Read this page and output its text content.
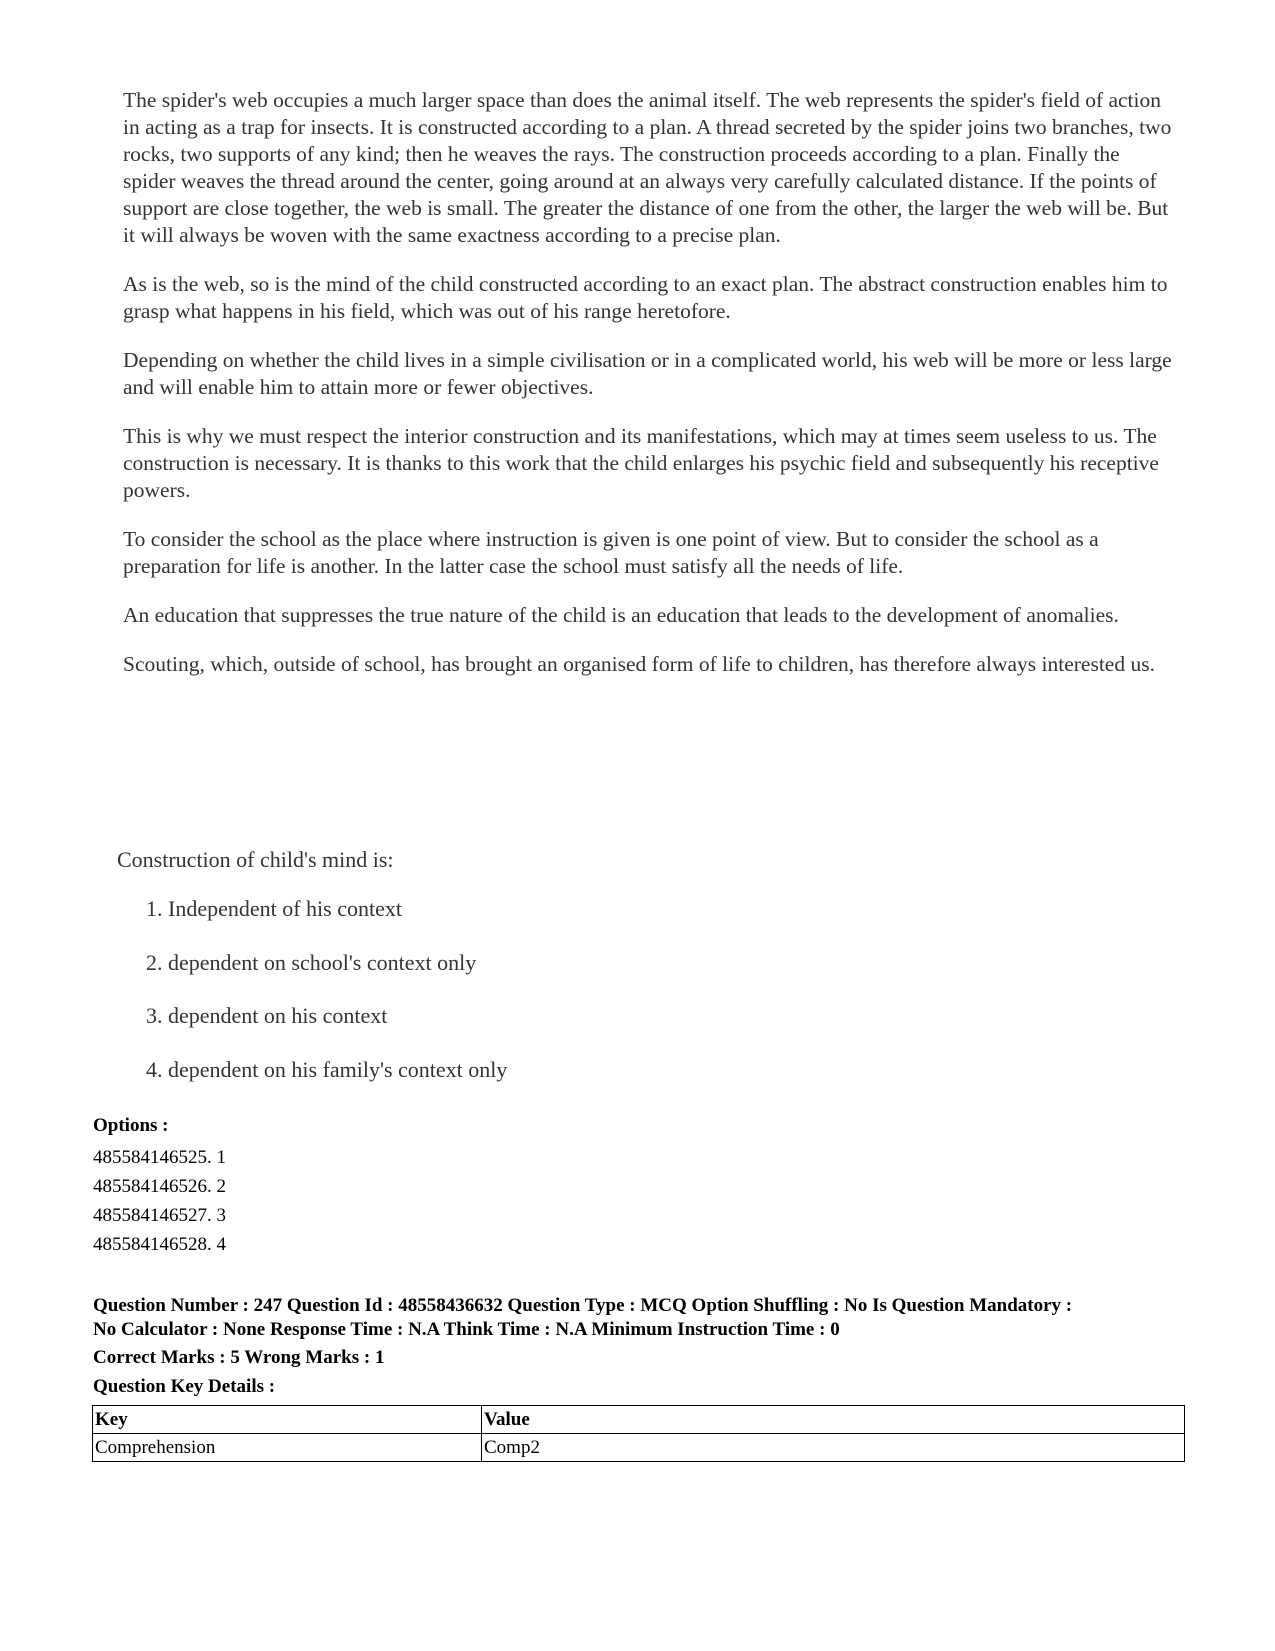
The spider's web occupies a much larger space than does the animal itself. The web represents the spider's field of action in acting as a trap for insects. It is constructed according to a plan. A thread secreted by the spider joins two branches, two rocks, two supports of any kind; then he weaves the rays. The construction proceeds according to a plan. Finally the spider weaves the thread around the center, going around at an always very carefully calculated distance. If the points of support are close together, the web is small. The greater the distance of one from the other, the larger the web will be. But it will always be woven with the same exactness according to a precise plan.

As is the web, so is the mind of the child constructed according to an exact plan. The abstract construction enables him to grasp what happens in his field, which was out of his range heretofore.

Depending on whether the child lives in a simple civilisation or in a complicated world, his web will be more or less large and will enable him to attain more or fewer objectives.

This is why we must respect the interior construction and its manifestations, which may at times seem useless to us. The construction is necessary. It is thanks to this work that the child enlarges his psychic field and subsequently his receptive powers.

To consider the school as the place where instruction is given is one point of view. But to consider the school as a preparation for life is another. In the latter case the school must satisfy all the needs of life.

An education that suppresses the true nature of the child is an education that leads to the development of anomalies.

Scouting, which, outside of school, has brought an organised form of life to children, has therefore always interested us.

Construction of child's mind is:
1. Independent of his context
2. dependent on school's context only
3. dependent on his context
4. dependent on his family's context only
Options :
485584146525. 1
485584146526. 2
485584146527. 3
485584146528. 4
Question Number : 247 Question Id : 48558436632 Question Type : MCQ Option Shuffling : No Is Question Mandatory :
No Calculator : None Response Time : N.A Think Time : N.A Minimum Instruction Time : 0
Correct Marks : 5 Wrong Marks : 1
Question Key Details :
Key	Value
Comprehension	Comp2
